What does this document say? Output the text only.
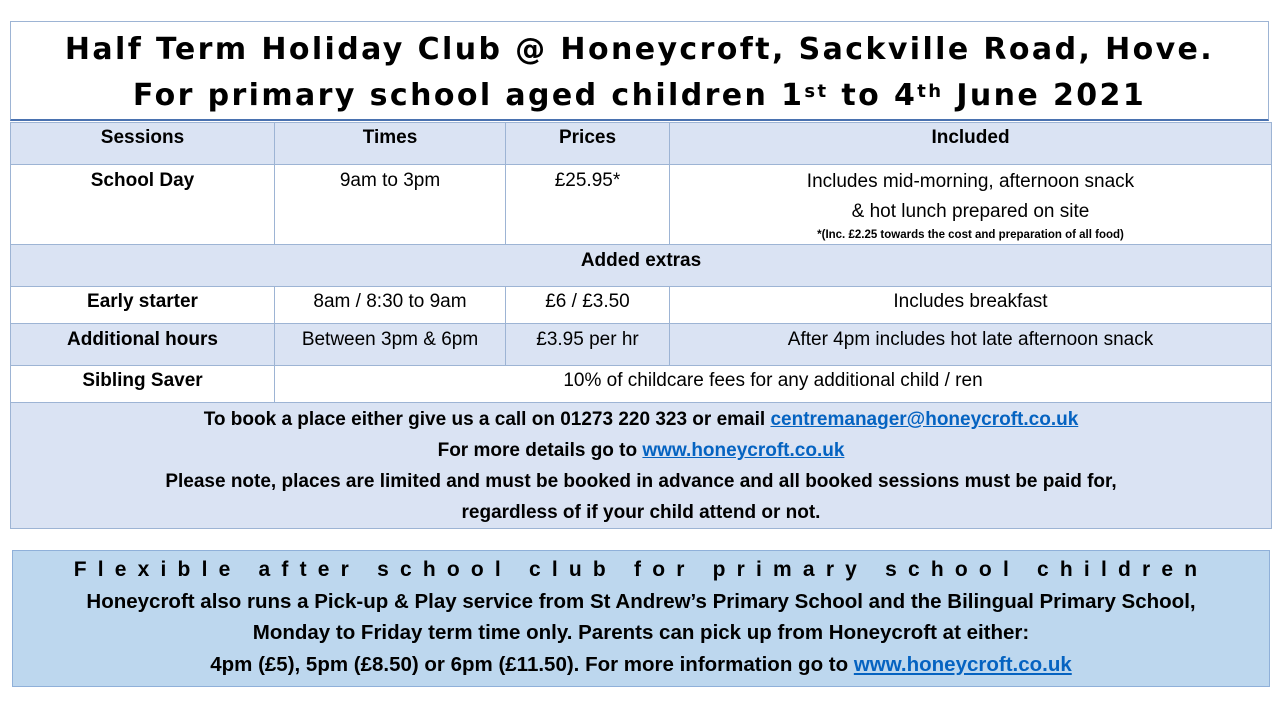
Half Term Holiday Club @ Honeycroft, Sackville Road, Hove.
For primary school aged children 1st to 4th June 2021
Sessions	Times	Prices	Included
School Day	9am to 3pm	£25.95*	Includes mid-morning, afternoon snack
& hot lunch prepared on site
*(Inc. £2.25 towards the cost and preparation of all food)

Added extras			
Early starter	8am / 8:30 to 9am	£6 / £3.50	Includes breakfast
Additional hours	Between 3pm & 6pm	£3.95 per hr	After 4pm includes hot late afternoon snack
Sibling Saver	10% of childcare fees for any additional child / ren		

To book a place either give us a call on 01273 220 323 or email centremanager@honeycroft.co.uk
For more details go to www.honeycroft.co.uk
Please note, places are limited and must be booked in advance and all booked sessions must be paid for,
regardless of if your child attend or not.			
Flexible after school club for primary school children
Honeycroft also runs a Pick-up & Play service from St Andrew’s Primary School and the Bilingual Primary School,
Monday to Friday term time only. Parents can pick up from Honeycroft at either:
4pm (£5), 5pm (£8.50) or 6pm (£11.50). For more information go to www.honeycroft.co.uk
